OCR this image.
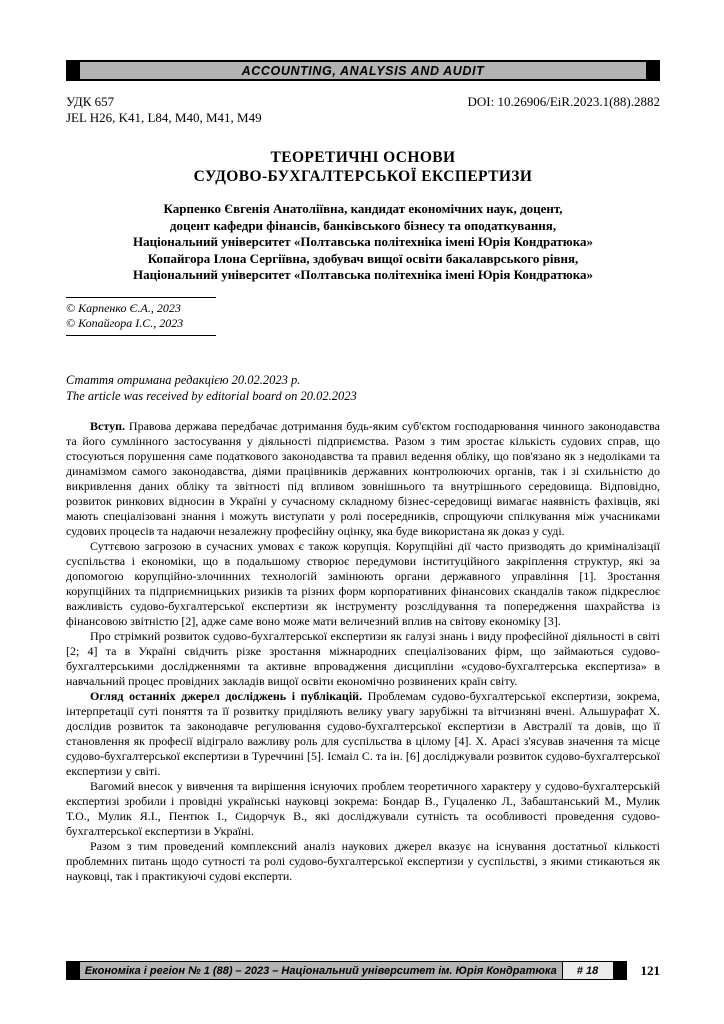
ACCOUNTING, ANALYSIS AND AUDIT
УДК 657
JEL H26, K41, L84, M40, M41, M49
DOI: 10.26906/EiR.2023.1(88).2882
ТЕОРЕТИЧНІ ОСНОВИ
СУДОВО-БУХГАЛТЕРСЬКОЇ ЕКСПЕРТИЗИ
Карпенко Євгенія Анатоліївна, кандидат економічних наук, доцент,
доцент кафедри фінансів, банківського бізнесу та оподаткування,
Національний університет «Полтавська політехніка імені Юрія Кондратюка»
Копайгора Ілона Сергіївна, здобувач вищої освіти бакалаврського рівня,
Національний університет «Полтавська політехніка імені Юрія Кондратюка»
© Карпенко Є.А., 2023
© Копайгора І.С., 2023
Стаття отримана редакцією 20.02.2023 р.
The article was received by editorial board on 20.02.2023

Вступ. Правова держава передбачає дотримання будь-яким суб'єктом господарювання чинного законодавства та його сумлінного застосування у діяльності підприємства. Разом з тим зростає кількість судових справ, що стосуються порушення саме податкового законодавства та правил ведення обліку, що пов'язано як з недоліками та динамізмом самого законодавства, діями працівників державних контролюючих органів, так і зі схильністю до викривлення даних обліку та звітності під впливом зовнішнього та внутрішнього середовища. Відповідно, розвиток ринкових відносин в Україні у сучасному складному бізнес-середовищі вимагає наявність фахівців, які мають спеціалізовані знання і можуть виступати у ролі посередників, спрощуючи спілкування між учасниками судових процесів та надаючи незалежну професійну оцінку, яка буде використана як доказ у суді.

Суттєвою загрозою в сучасних умовах є також корупція. Корупційні дії часто призводять до криміналізації суспільства і економіки, що в подальшому створює передумови інституційного закріплення структур, які за допомогою корупційно-злочинних технологій замінюють органи державного управління [1]. Зростання корупційних та підприємницьких ризиків та різних форм корпоративних фінансових скандалів також підкреслює важливість судово-бухгалтерської експертизи як інструменту розслідування та попередження шахрайства із фінансовою звітністю [2], адже саме воно може мати величезний вплив на світову економіку [3].

Про стрімкий розвиток судово-бухгалтерської експертизи як галузі знань і виду професійної діяльності в світі [2; 4] та в Україні свідчить різке зростання міжнародних спеціалізованих фірм, що займаються судово-бухгалтерськими дослідженнями та активне впровадження дисципліни «судово-бухгалтерська експертиза» в навчальний процес провідних закладів вищої освіти економічно розвинених країн світу.

Огляд останніх джерел досліджень і публікацій. Проблемам судово-бухгалтерської експертизи, зокрема, інтерпретації суті поняття та її розвитку приділяють велику увагу зарубіжні та вітчизняні вчені. Альшурафат Х. дослідив розвиток та законодавче регулювання судово-бухгалтерської експертизи в Австралії та довів, що її становлення як професії відіграло важливу роль для суспільства в цілому [4]. Х. Арасі з'ясував значення та місце судово-бухгалтерської експертизи в Туреччині [5]. Ісмаіл С. та ін. [6] досліджували розвиток судово-бухгалтерської експертизи у світі.

Вагомий внесок у вивчення та вирішення існуючих проблем теоретичного характеру у судово-бухгалтерській експертизі зробили і провідні українські науковці зокрема: Бондар В., Гуцаленко Л., Забаштанський М., Мулик Т.О., Мулик Я.І., Пентюк І., Сидорчук В., які досліджували сутність та особливості проведення судово-бухгалтерської експертизи в Україні.

Разом з тим проведений комплексний аналіз наукових джерел вказує на існування достатньої кількості проблемних питань щодо сутності та ролі судово-бухгалтерської експертизи у суспільстві, з якими стикаються як науковці, так і практикуючі судові експерти.

Економіка і регіон № 1 (88) – 2023 – Національний університет ім. Юрія Кондратюка	# 18	121
